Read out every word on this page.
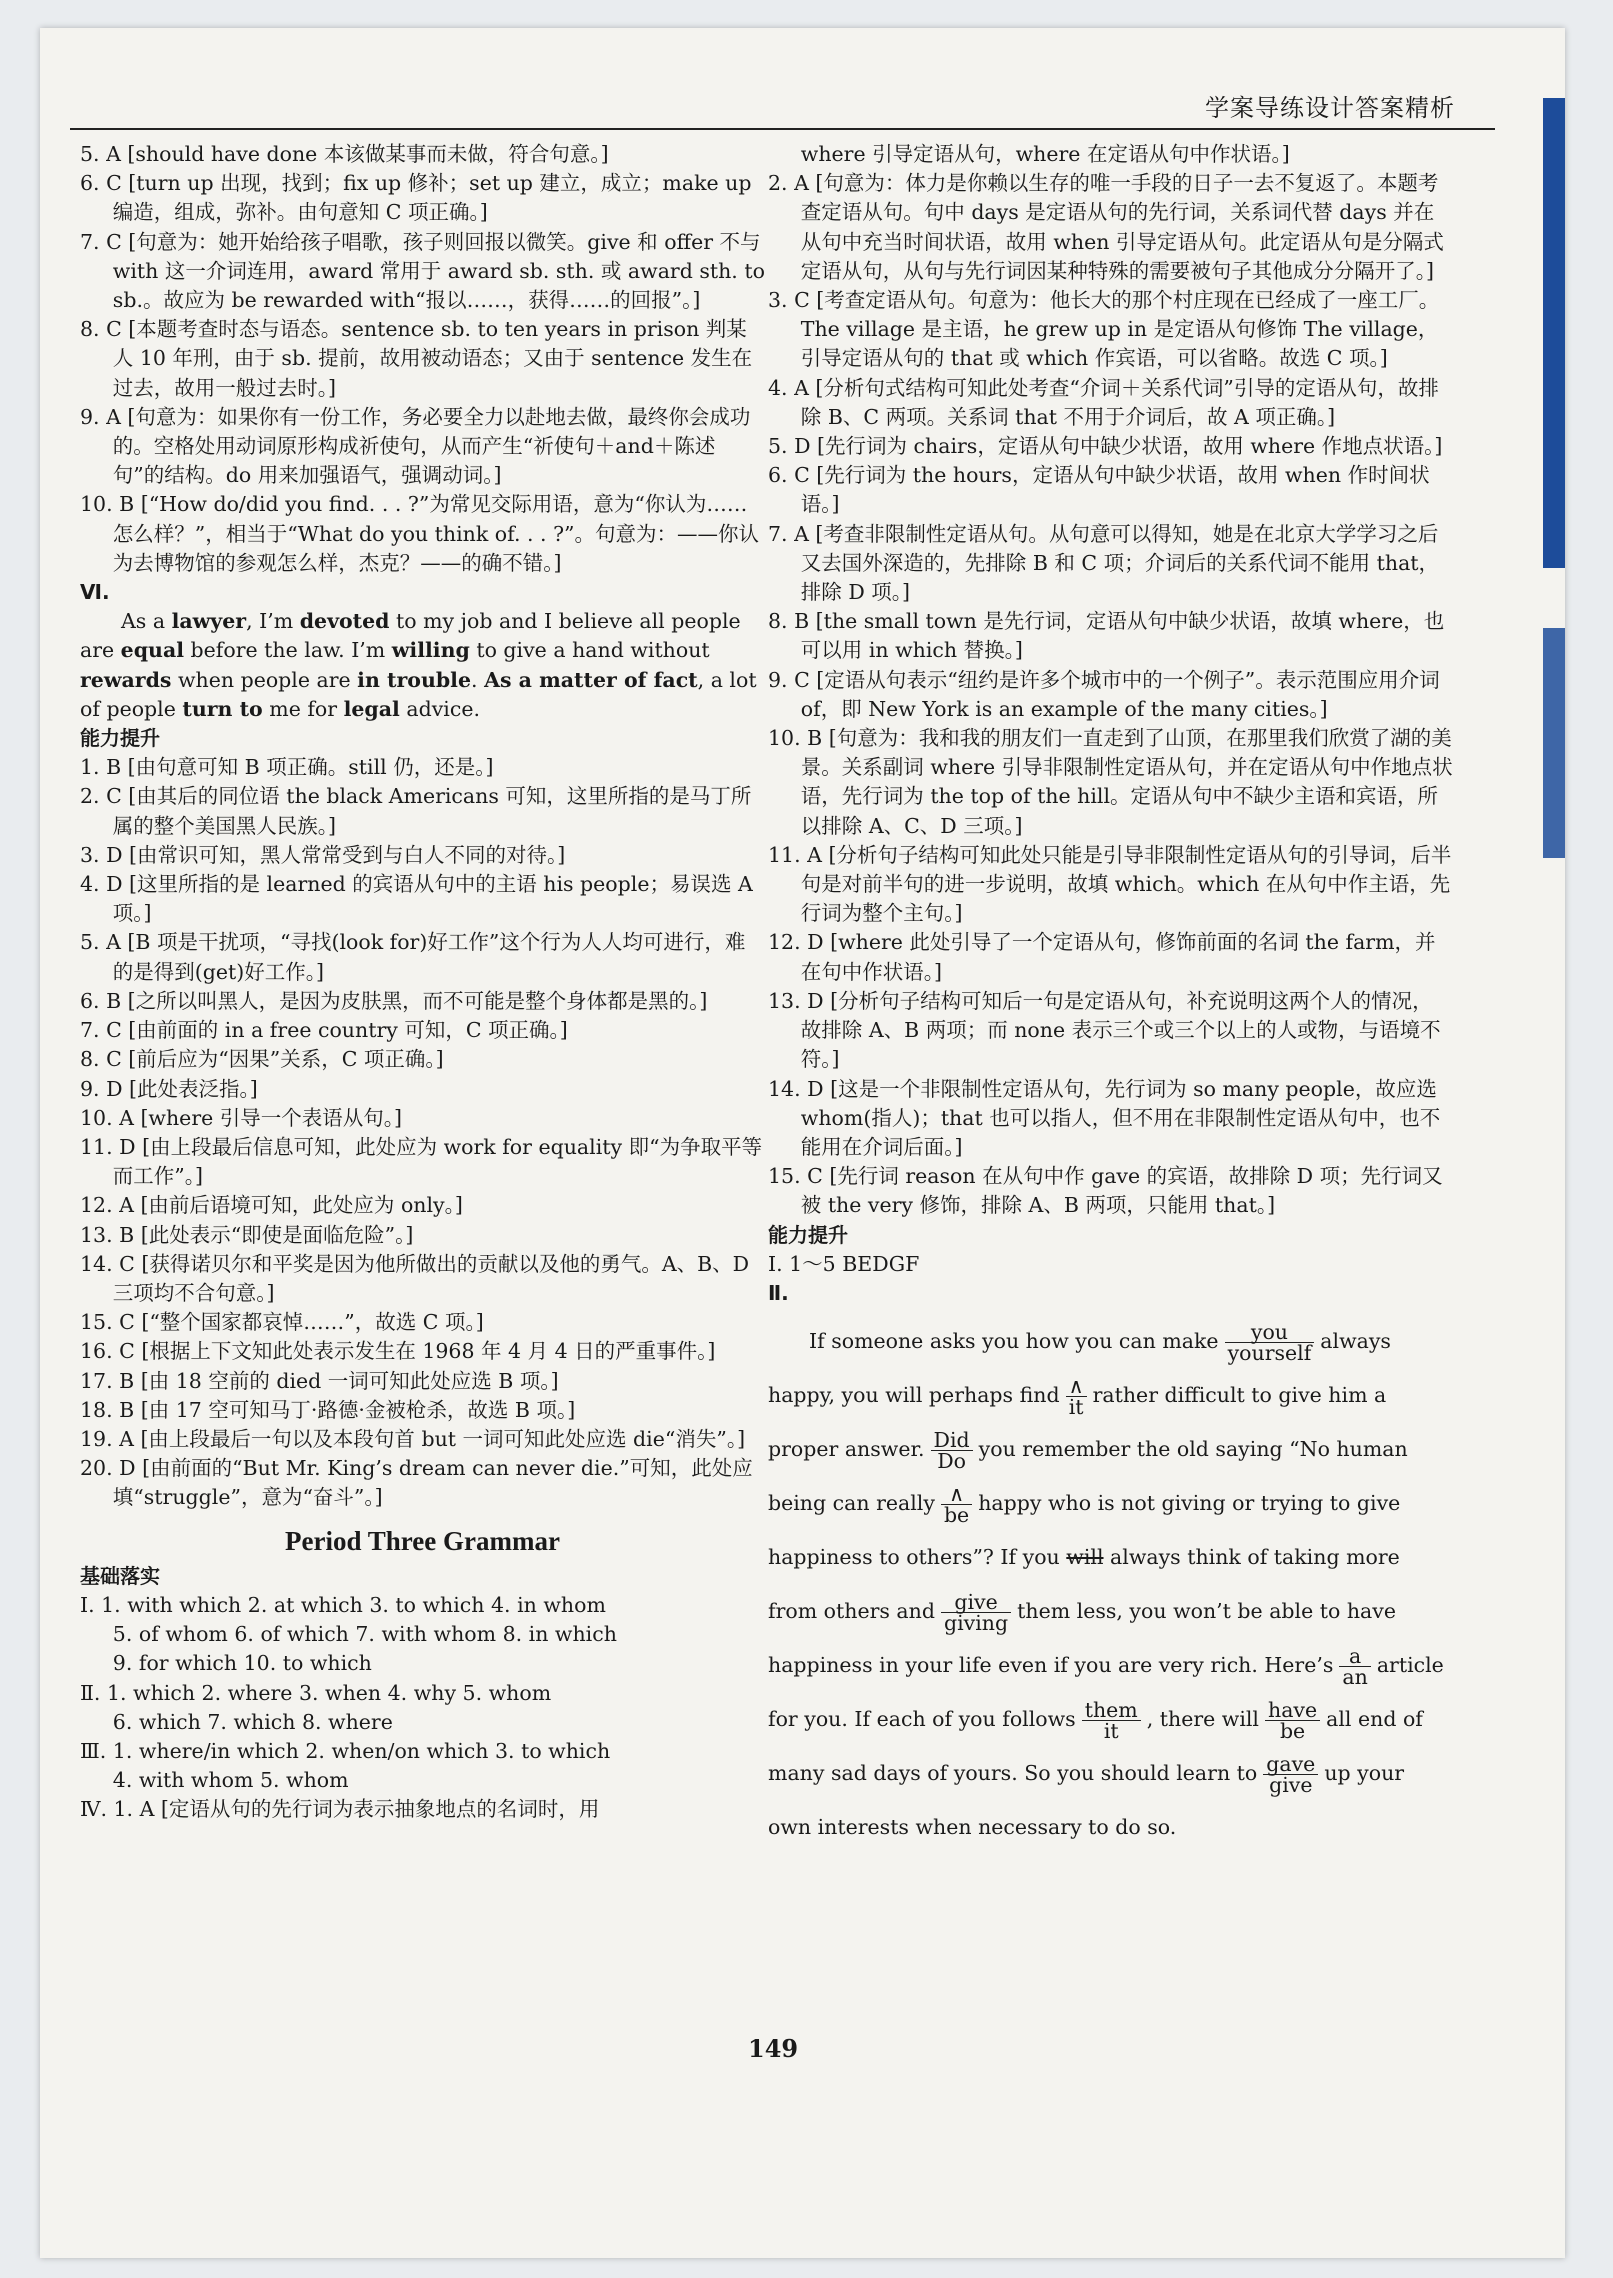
学案导练设计答案精析

5. A [should have done 本该做某事而未做，符合句意。]

6. C [turn up 出现，找到；fix up 修补；set up 建立，成立；make up 编造，组成，弥补。由句意知 C 项正确。]

7. C [句意为：她开始给孩子唱歌，孩子则回报以微笑。give 和 offer 不与 with 这一介词连用，award 常用于 award sb. sth. 或 award sth. to sb.。故应为 be rewarded with“报以……，获得……的回报”。]

8. C [本题考查时态与语态。sentence sb. to ten years in prison 判某人 10 年刑，由于 sb. 提前，故用被动语态；又由于 sentence 发生在过去，故用一般过去时。]

9. A [句意为：如果你有一份工作，务必要全力以赴地去做，最终你会成功的。空格处用动词原形构成祈使句，从而产生“祈使句＋and＋陈述句”的结构。do 用来加强语气，强调动词。]

10. B [“How do/did you find. . . ?”为常见交际用语，意为“你认为……怎么样？”，相当于“What do you think of. . . ?”。句意为：——你认为去博物馆的参观怎么样，杰克？——的确不错。]

Ⅵ.

As a lawyer, I’m devoted to my job and I believe all people are equal before the law. I’m willing to give a hand without rewards when people are in trouble. As a matter of fact, a lot of people turn to me for legal advice.

能力提升

1. B [由句意可知 B 项正确。still 仍，还是。]

2. C [由其后的同位语 the black Americans 可知，这里所指的是马丁所属的整个美国黑人民族。]

3. D [由常识可知，黑人常常受到与白人不同的对待。]

4. D [这里所指的是 learned 的宾语从句中的主语 his people；易误选 A 项。]

5. A [B 项是干扰项，“寻找(look for)好工作”这个行为人人均可进行，难的是得到(get)好工作。]

6. B [之所以叫黑人，是因为皮肤黑，而不可能是整个身体都是黑的。]

7. C [由前面的 in a free country 可知，C 项正确。]

8. C [前后应为“因果”关系，C 项正确。]

9. D [此处表泛指。]

10. A [where 引导一个表语从句。]

11. D [由上段最后信息可知，此处应为 work for equality 即“为争取平等而工作”。]

12. A [由前后语境可知，此处应为 only。]

13. B [此处表示“即使是面临危险”。]

14. C [获得诺贝尔和平奖是因为他所做出的贡献以及他的勇气。A、B、D 三项均不合句意。]

15. C [“整个国家都哀悼……”，故选 C 项。]

16. C [根据上下文知此处表示发生在 1968 年 4 月 4 日的严重事件。]

17. B [由 18 空前的 died 一词可知此处应选 B 项。]

18. B [由 17 空可知马丁·路德·金被枪杀，故选 B 项。]

19. A [由上段最后一句以及本段句首 but 一词可知此处应选 die“消失”。]

20. D [由前面的“But Mr. King’s dream can never die.”可知，此处应填“struggle”，意为“奋斗”。]

Period Three Grammar
基础落实

Ⅰ. 1. with which 2. at which 3. to which 4. in whom

5. of whom 6. of which 7. with whom 8. in which

9. for which 10. to which

Ⅱ. 1. which 2. where 3. when 4. why 5. whom

6. which 7. which 8. where

Ⅲ. 1. where/in which 2. when/on which 3. to which

4. with whom 5. whom

Ⅳ. 1. A [定语从句的先行词为表示抽象地点的名词时，用

where 引导定语从句，where 在定语从句中作状语。]

2. A [句意为：体力是你赖以生存的唯一手段的日子一去不复返了。本题考查定语从句。句中 days 是定语从句的先行词，关系词代替 days 并在从句中充当时间状语，故用 when 引导定语从句。此定语从句是分隔式定语从句，从句与先行词因某种特殊的需要被句子其他成分分隔开了。]

3. C [考查定语从句。句意为：他长大的那个村庄现在已经成了一座工厂。The village 是主语，he grew up in 是定语从句修饰 The village，引导定语从句的 that 或 which 作宾语，可以省略。故选 C 项。]

4. A [分析句式结构可知此处考查“介词＋关系代词”引导的定语从句，故排除 B、C 两项。关系词 that 不用于介词后，故 A 项正确。]

5. D [先行词为 chairs，定语从句中缺少状语，故用 where 作地点状语。]

6. C [先行词为 the hours，定语从句中缺少状语，故用 when 作时间状语。]

7. A [考查非限制性定语从句。从句意可以得知，她是在北京大学学习之后又去国外深造的，先排除 B 和 C 项；介词后的关系代词不能用 that，排除 D 项。]

8. B [the small town 是先行词，定语从句中缺少状语，故填 where，也可以用 in which 替换。]

9. C [定语从句表示“纽约是许多个城市中的一个例子”。表示范围应用介词 of，即 New York is an example of the many cities。]

10. B [句意为：我和我的朋友们一直走到了山顶，在那里我们欣赏了湖的美景。关系副词 where 引导非限制性定语从句，并在定语从句中作地点状语，先行词为 the top of the hill。定语从句中不缺少主语和宾语，所以排除 A、C、D 三项。]

11. A [分析句子结构可知此处只能是引导非限制性定语从句的引导词，后半句是对前半句的进一步说明，故填 which。which 在从句中作主语，先行词为整个主句。]

12. D [where 此处引导了一个定语从句，修饰前面的名词 the farm，并在句中作状语。]

13. D [分析句子结构可知后一句是定语从句，补充说明这两个人的情况，故排除 A、B 两项；而 none 表示三个或三个以上的人或物，与语境不符。]

14. D [这是一个非限制性定语从句，先行词为 so many people，故应选 whom(指人)；that 也可以指人，但不用在非限制性定语从句中，也不能用在介词后面。]

15. C [先行词 reason 在从句中作 gave 的宾语，故排除 D 项；先行词又被 the very 修饰，排除 A、B 两项，只能用 that。]

能力提升

Ⅰ. 1～5 BEDGF

Ⅱ.
If someone asks you how you can make $\frac{\text{you}}{\text{yourself}}$ always happy, you will perhaps find $\frac{\wedge}{it}$ rather difficult to give him a proper answer. $\frac{\text{Did}}{Do}$ you remember the old saying “No human being can really $\frac{\wedge}{be}$ happy who is not giving or trying to give happiness to others”? If you will always think of taking more from others and $\frac{\text{give}}{\text{giving}}$ them less, you won’t be able to have happiness in your life even if you are very rich. Here’s $\frac{a}{an}$ article for you. If each of you follows $\frac{\text{them}}{it}$ , there will $\frac{\text{have}}{be}$ all end of many sad days of yours. So you should learn to $\frac{\text{gave}}{\text{give}}$ up your own interests when necessary to do so.
149
